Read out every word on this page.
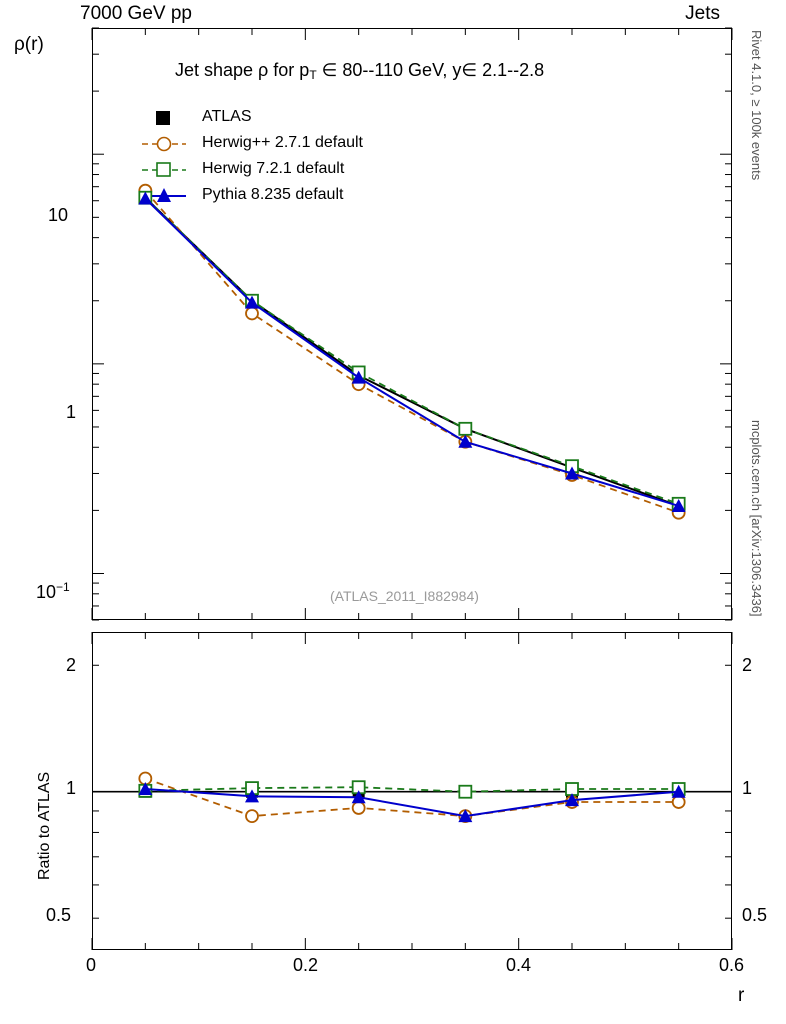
7000 GeV pp	Jets
Rivet 4.1.0, ≥ 100k events
mcplots.cern.ch [arXiv:1306.3436]
ρ(r)
Jet shape ρ for $p_T$ ∈ 80--110 GeV, y∈ 2.1--2.8
10
1
$10^{-1}$
(ATLAS_2011_I882984)
Ratio to ATLAS
2
1
0.5
2
1
0.5
0	0.2	0.4	0.6
r
ATLAS
Herwig++ 2.7.1 default
Herwig 7.2.1 default
Pythia 8.235 default
